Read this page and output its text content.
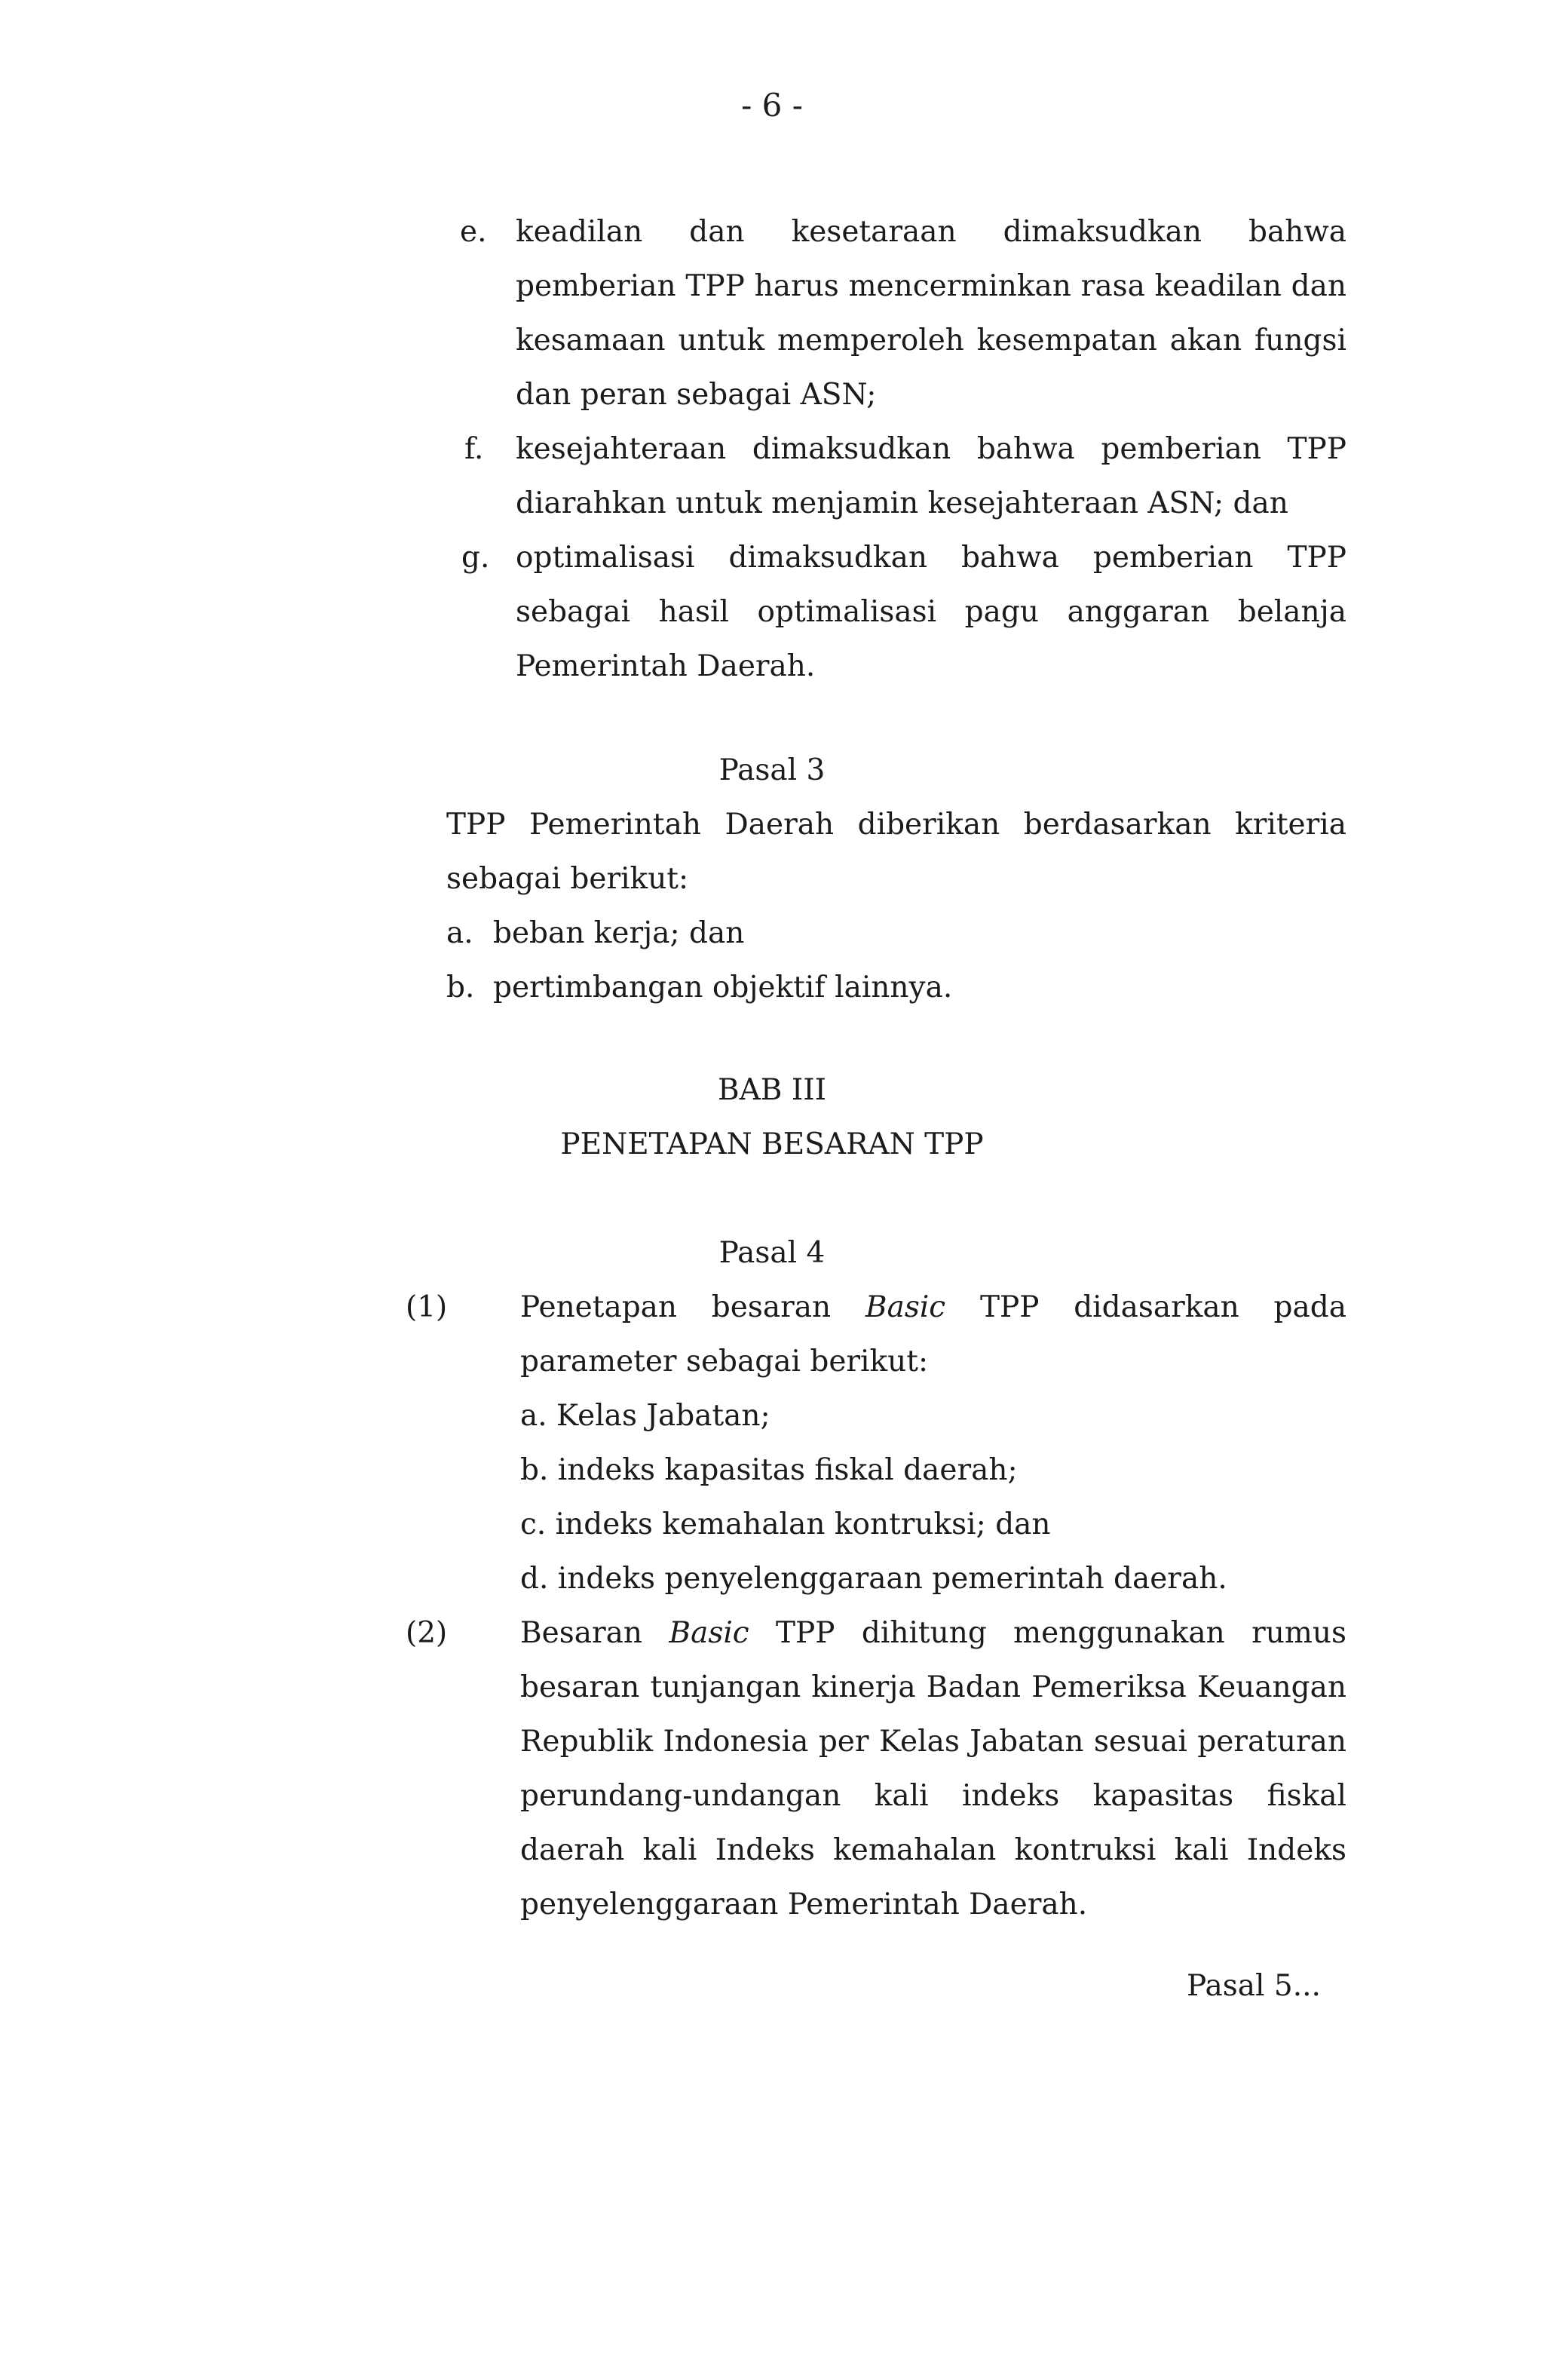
- 6 -
e. keadilan dan kesetaraan dimaksudkan bahwa pemberian TPP harus mencerminkan rasa keadilan dan kesamaan untuk memperoleh kesempatan akan fungsi dan peran sebagai ASN;
f.	kesejahteraan dimaksudkan bahwa pemberian TPP diarahkan untuk menjamin kesejahteraan ASN; dan
g. optimalisasi dimaksudkan bahwa pemberian TPP sebagai hasil optimalisasi pagu anggaran belanja Pemerintah Daerah.
Pasal 3
TPP Pemerintah Daerah diberikan berdasarkan kriteria sebagai berikut:
a. beban kerja; dan
b. pertimbangan objektif lainnya.
BAB III
PENETAPAN BESARAN TPP
Pasal 4
(1)	Penetapan besaran Basic TPP didasarkan pada parameter sebagai berikut:
a. Kelas Jabatan;
b. indeks kapasitas fiskal daerah;
c. indeks kemahalan kontruksi; dan
d. indeks penyelenggaraan pemerintah daerah.
(2)	Besaran Basic TPP dihitung menggunakan rumus besaran tunjangan kinerja Badan Pemeriksa Keuangan Republik Indonesia per Kelas Jabatan sesuai peraturan perundang-undangan kali indeks kapasitas fiskal daerah kali Indeks kemahalan kontruksi kali Indeks penyelenggaraan Pemerintah Daerah.
Pasal 5...
